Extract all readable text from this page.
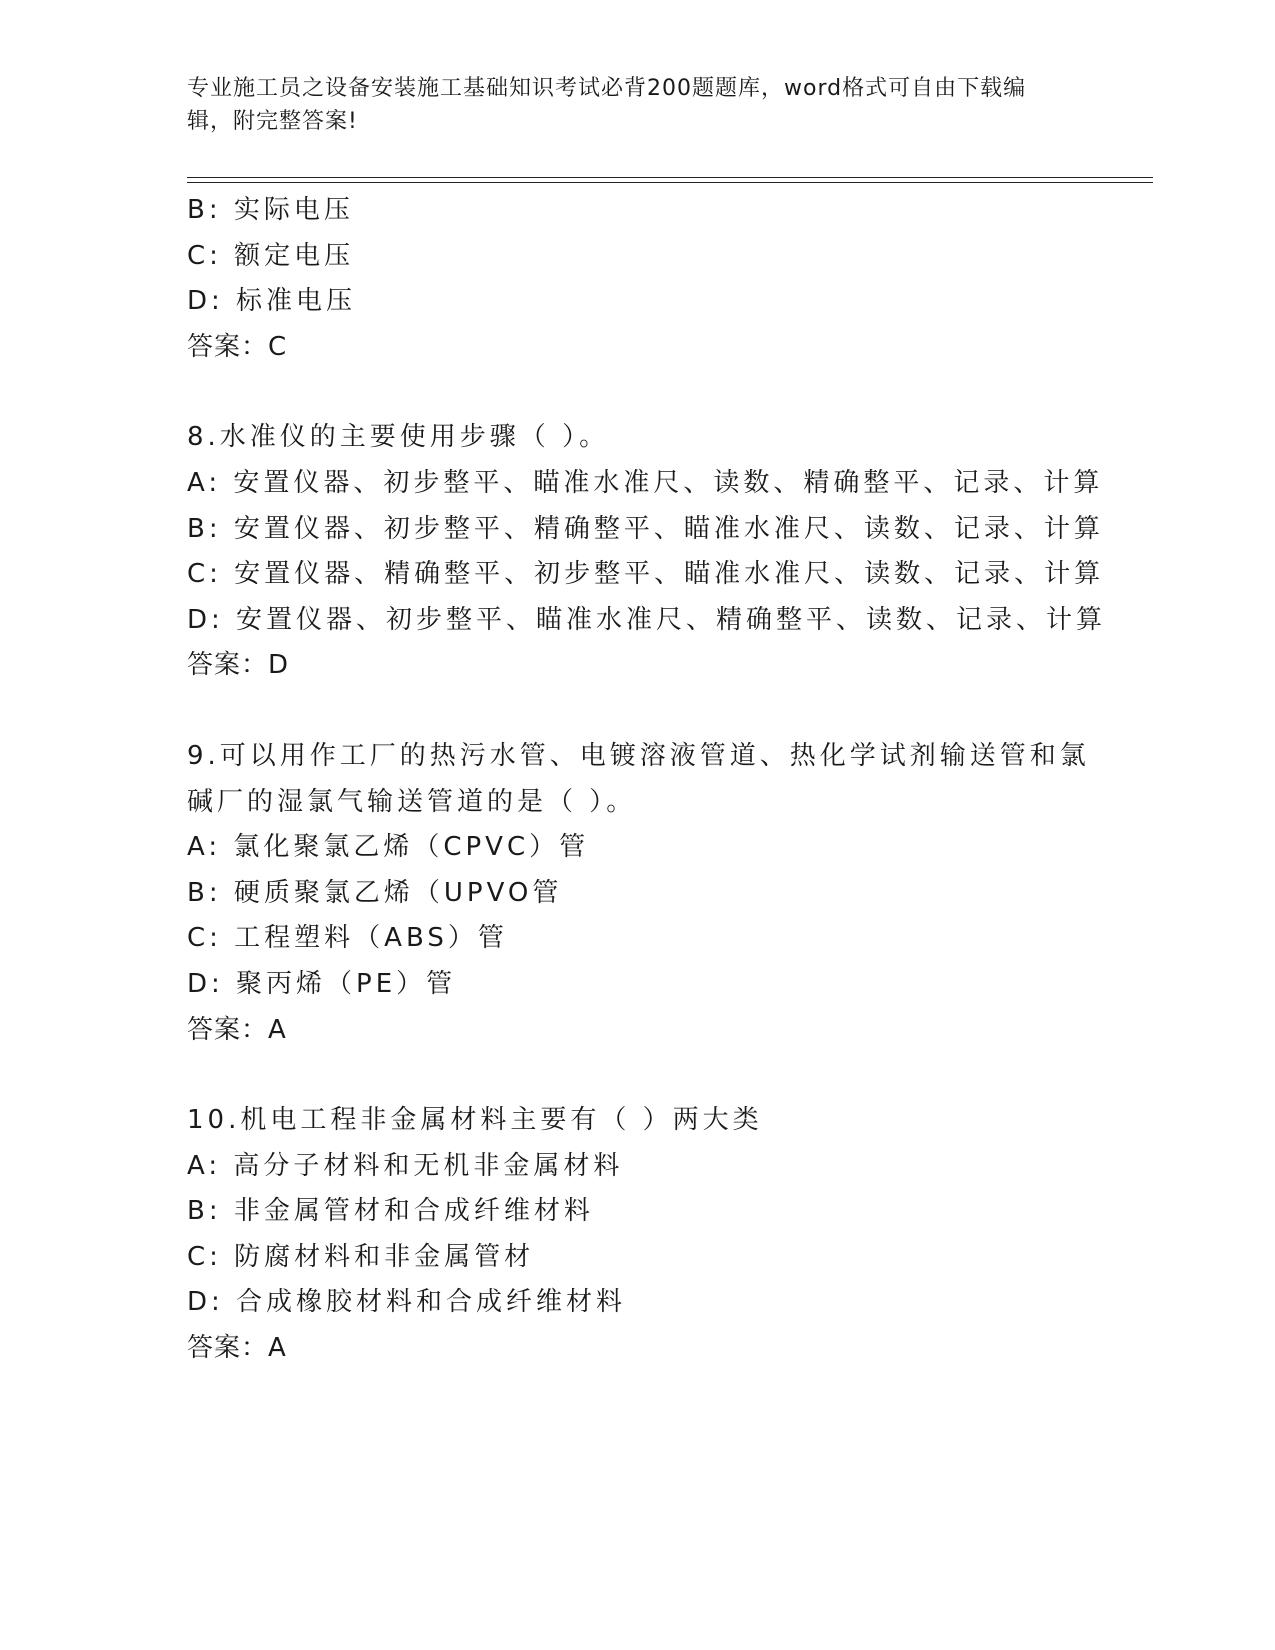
专业施工员之设备安装施工基础知识考试必背200题题库，word格式可自由下载编辑，附完整答案!
B: 实际电压
C: 额定电压
D: 标准电压
答案：C
8.水准仪的主要使用步骤（ ）。
A: 安置仪器、初步整平、瞄准水准尺、读数、精确整平、记录、计算
B: 安置仪器、初步整平、精确整平、瞄准水准尺、读数、记录、计算
C: 安置仪器、精确整平、初步整平、瞄准水准尺、读数、记录、计算
D: 安置仪器、初步整平、瞄准水准尺、精确整平、读数、记录、计算
答案：D
9.可以用作工厂的热污水管、电镀溶液管道、热化学试剂输送管和氯
碱厂的湿氯气输送管道的是（ ）。
A: 氯化聚氯乙烯（CPVC）管
B: 硬质聚氯乙烯（UPVO管
C: 工程塑料（ABS）管
D: 聚丙烯（PE）管
答案：A
10.机电工程非金属材料主要有（ ）两大类
A: 高分子材料和无机非金属材料
B: 非金属管材和合成纤维材料
C: 防腐材料和非金属管材
D: 合成橡胶材料和合成纤维材料
答案：A
